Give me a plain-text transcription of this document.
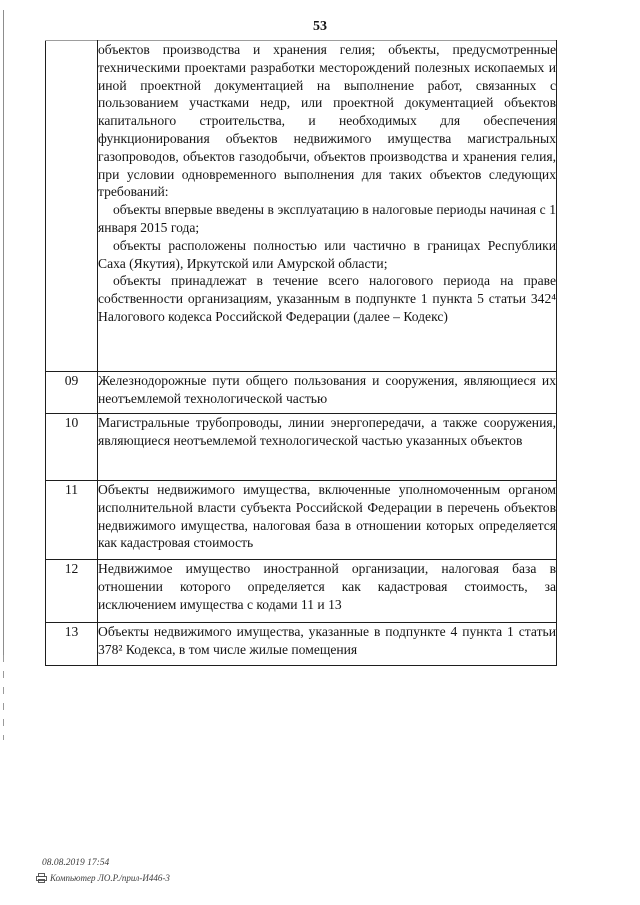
53

	объектов производства и хранения гелия; объекты, предусмотренные техническими проектами разработки месторождений полезных ископаемых и иной проектной документацией на выполнение работ, связанных с пользованием участками недр, или проектной документацией объектов капитального строительства, и необходимых для обеспечения функционирования объектов недвижимого имущества магистральных газопроводов, объектов газодобычи, объектов производства и хранения гелия, при условии одновременного выполнения для таких объектов следующих требований:

объекты впервые введены в эксплуатацию в налоговые периоды начиная с 1 января 2015 года;

объекты расположены полностью или частично в границах Республики Саха (Якутия), Иркутской или Амурской области;

объекты принадлежат в течение всего налогового периода на праве собственности организациям, указанным в подпункте 1 пункта 5 статьи 342⁴ Налогового кодекса Российской Федерации (далее – Кодекс)

09	Железнодорожные пути общего пользования и сооружения, являющиеся их неотъемлемой технологической частью

10	Магистральные трубопроводы, линии энергопередачи, а также сооружения, являющиеся неотъемлемой технологической частью указанных объектов

11	Объекты недвижимого имущества, включенные уполномоченным органом исполнительной власти субъекта Российской Федерации в перечень объектов недвижимого имущества, налоговая база в отношении которых определяется как кадастровая стоимость

12	Недвижимое имущество иностранной организации, налоговая база в отношении которого определяется как кадастровая стоимость, за исключением имущества с кодами 11 и 13

13	Объекты недвижимого имущества, указанные в подпункте 4 пункта 1 статьи 378² Кодекса, в том числе жилые помещения

08.08.2019 17:54
Компьютер ЛО.Р./прил-И446-3
